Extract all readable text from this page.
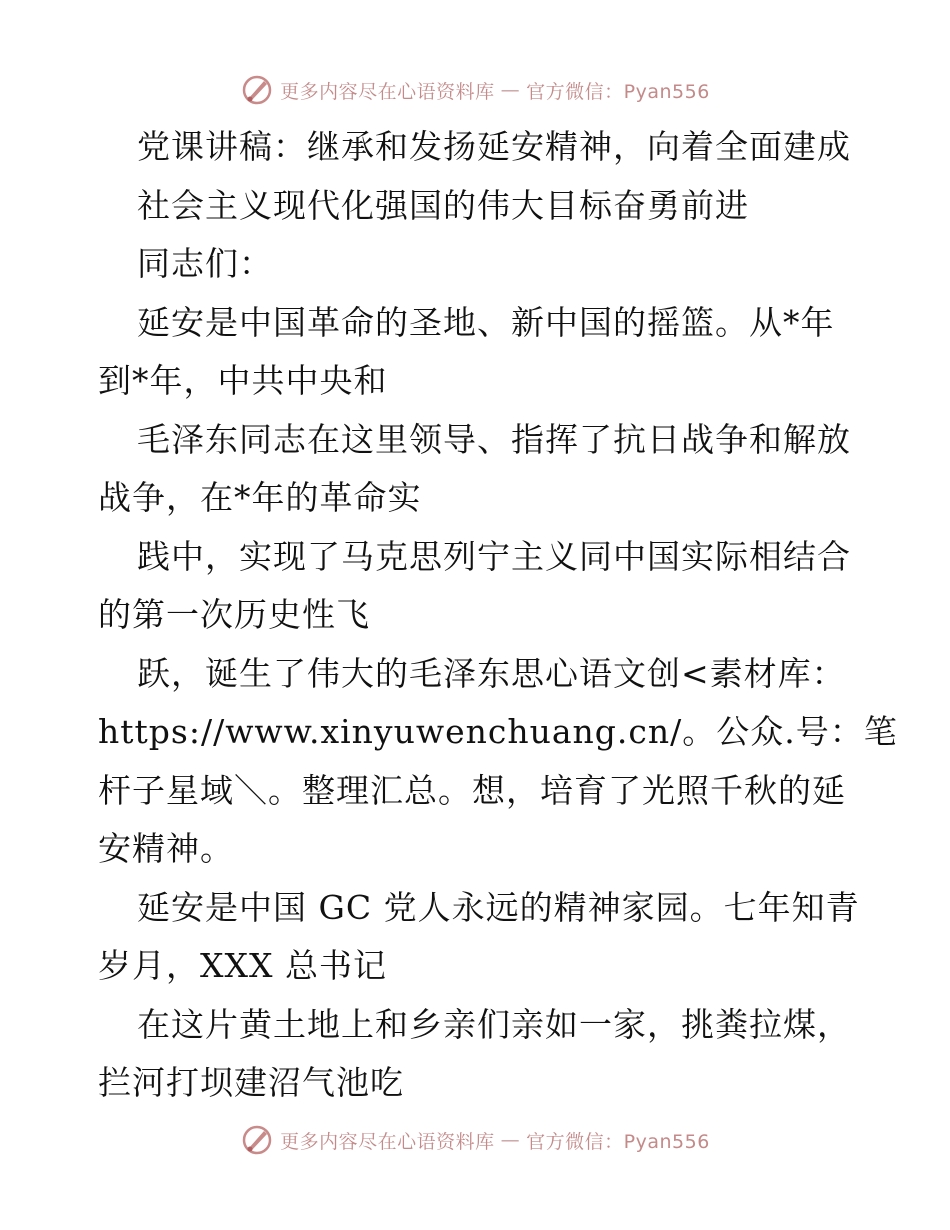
更多内容尽在心语资料库 — 官方微信：Pyan556
党课讲稿：继承和发扬延安精神，向着全面建成
社会主义现代化强国的伟大目标奋勇前进
同志们：
延安是中国革命的圣地、新中国的摇篮。从*年
到*年，中共中央和
毛泽东同志在这里领导、指挥了抗日战争和解放
战争，在*年的革命实
践中，实现了马克思列宁主义同中国实际相结合
的第一次历史性飞
跃，诞生了伟大的毛泽东思心语文创<素材库：
https://www.xinyuwenchuang.cn/。公众.号：笔
杆子星域＼。整理汇总。想，培育了光照千秋的延
安精神。
延安是中国 GC 党人永远的精神家园。七年知青
岁月，XXX 总书记
在这片黄土地上和乡亲们亲如一家，挑粪拉煤，
拦河打坝建沼气池吃
更多内容尽在心语资料库 — 官方微信：Pyan556
